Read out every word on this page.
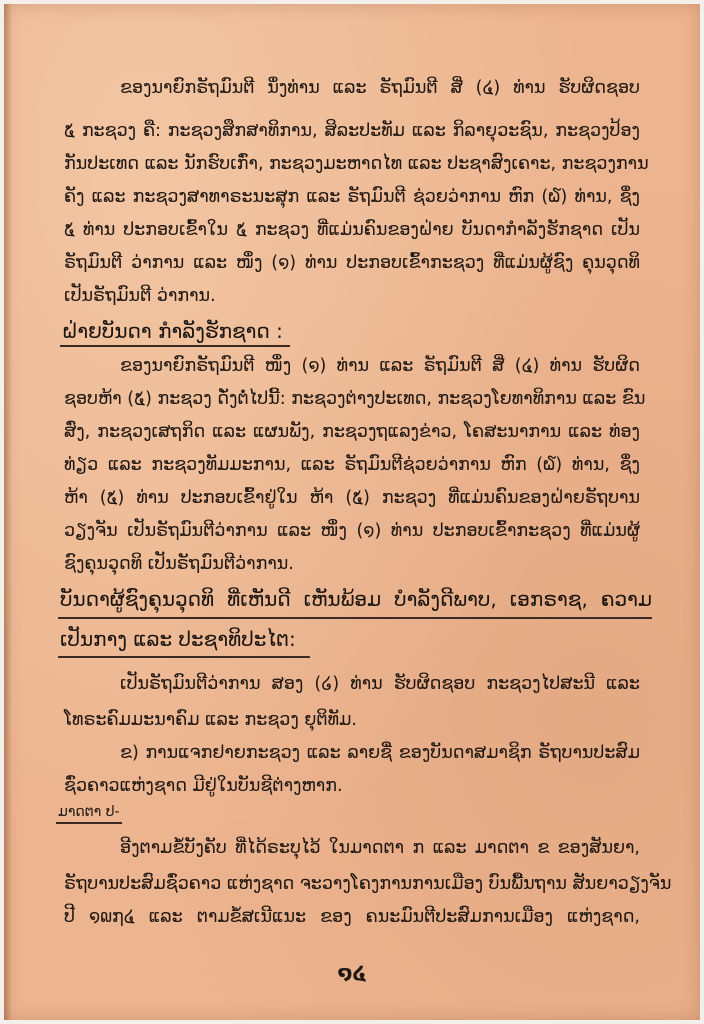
ຂອງນາຍົກຣັຖມົນຕີ ນຶ່ງທ່ານ ແລະ ຣັຖມົນຕີ ສີ່ (໔) ທ່ານ ຮັບຜິດຊອບ
໕ ກະຊວງ ຄື: ກະຊວງສຶກສາທິການ, ສິລະປະທັມ ແລະ ກິລາຍຸວະຊົນ, ກະຊວງປ້ອງ
ກັນປະເທດ ແລະ ນັກຮົບເກົ່າ, ກະຊວງມະຫາດໄທ ແລະ ປະຊາສົງເຄາະ, ກະຊວງການ
ຄັງ ແລະ ກະຊວງສາທາຣະນະສຸກ ແລະ ຣັຖມົນຕີ ຊ່ວຍວ່າການ ຫົກ (໖) ທ່ານ, ຊຶ່ງ
໕ ທ່ານ ປະກອບເຂົ້າໃນ ໕ ກະຊວງ ທີ່ແມ່ນຄົນຂອງຝ່າຍ ບັນດາກຳລັງຮັກຊາດ ເປັນ
ຣັຖມົນຕີ ວ່າການ ແລະ ໜຶ່ງ (໑) ທ່ານ ປະກອບເຂົ້າກະຊວງ ທີ່ແມ່ນຜູ້ຊົງ ຄຸນວຸດທິ
ເປັນຣັຖມົນຕີ ວ່າການ.
ຝ່າຍບັນດາ ກຳລັງຮັກຊາດ :
ຂອງນາຍົກຣັຖມົນຕີ ໜຶ່ງ (໑) ທ່ານ ແລະ ຣັຖມົນຕີ ສີ່ (໔) ທ່ານ ຮັບຜິດ
ຊອບຫ້າ (໕) ກະຊວງ ດັ່ງຕໍ່ໄປນີ້: ກະຊວງຕ່າງປະເທດ, ກະຊວງໂຍທາທິການ ແລະ ຂົນ
ສົ່ງ, ກະຊວງເສຖກິດ ແລະ ແຜນພັງ, ກະຊວງຖແລງຂ່າວ, ໂຄສະນາການ ແລະ ທ່ອງ
ທ່ຽວ ແລະ ກະຊວງທັມມະການ, ແລະ ຣັຖມົນຕີຊ່ວຍວ່າການ ຫົກ (໖) ທ່ານ, ຊຶ່ງ
ຫ້າ (໕) ທ່ານ ປະກອບເຂົ້າຢູ່ໃນ ຫ້າ (໕) ກະຊວງ ທີ່ແມ່ນຄົນຂອງຝ່າຍຣັຖບານ
ວຽງຈັນ ເປັນຣັຖມົນຕີວ່າການ ແລະ ໜຶ່ງ (໑) ທ່ານ ປະກອບເຂົ້າກະຊວງ ທີ່ແມ່ນຜູ້
ຊົງຄຸນວຸດທິ ເປັນຣັຖມົນຕີວ່າການ.
ບັນດາຜູ້ຊົງຄຸນວຸດທິ ທີ່ເຫັນດີ ເຫັນພ້ອມ ບຳລັງດີພາບ, ເອກຣາຊ, ຄວາມ
ເປັນກາງ ແລະ ປະຊາທິປະໄຕ:
ເປັນຣັຖມົນຕີວ່າການ ສອງ (໒) ທ່ານ ຮັບຜິດຊອບ ກະຊວງໄປສະນີ ແລະ
ໂທຣະຄົມມະນາຄົມ ແລະ ກະຊວງ ຍຸຕິທັມ.
ຂ) ການແຈກຢາຍກະຊວງ ແລະ ລາຍຊື່ ຂອງບັນດາສມາຊິກ ຣັຖບານປະສົມ
ຊົ່ວຄາວແຫ່ງຊາດ ມີຢູ່ໃນບັນຊີຕ່າງຫາກ.
ມາດຕາ ປ-
ອີງຕາມຂໍ້ບັງຄັບ ທີ່ໄດ້ຣະບຸໄວ້ ໃນມາດຕາ ກ ແລະ ມາດຕາ ຂ ຂອງສັນຍາ,
ຣັຖບານປະສົມຊົ່ວຄາວ ແຫ່ງຊາດ ຈະວາງໂຄງການການເມືອງ ບົນພື້ນຖານ ສັນຍາວຽງຈັນ
ປີ ໑໙໗໔ ແລະ ຕາມຂໍ້ສເນີແນະ ຂອງ ຄນະມົນຕີປະສົມການເມືອງ ແຫ່ງຊາດ,
໑໔
